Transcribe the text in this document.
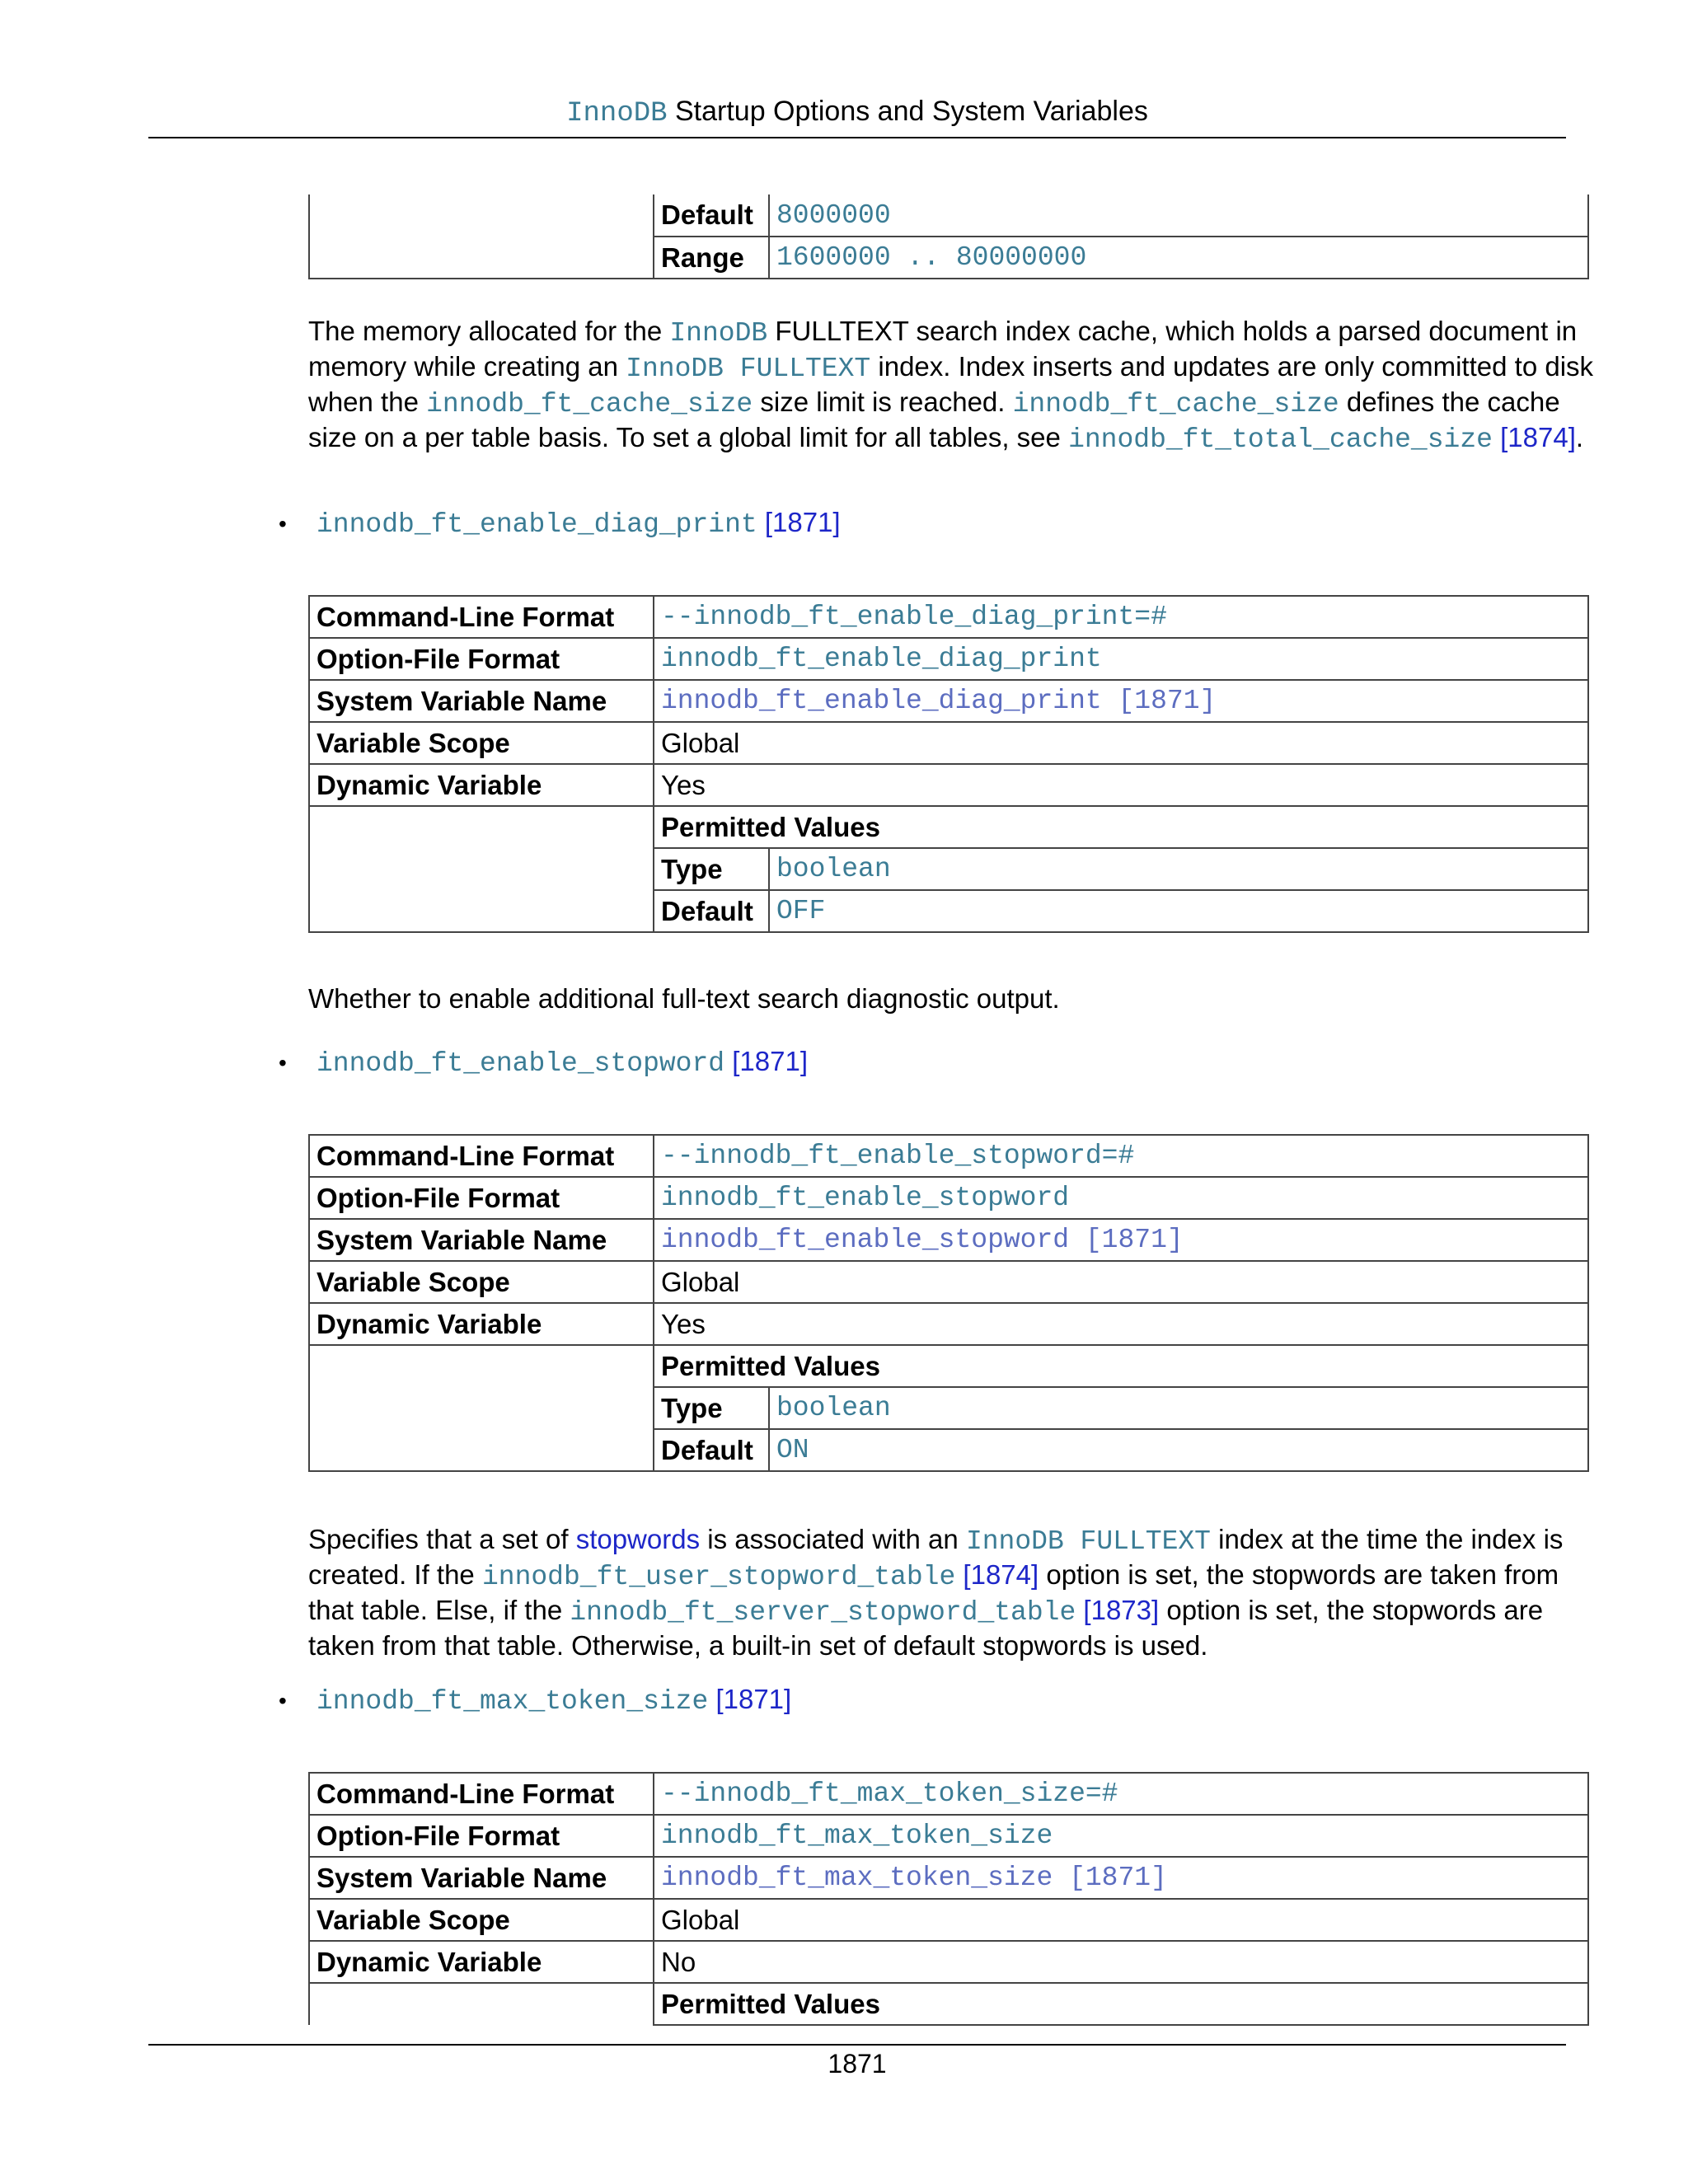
InnoDB Startup Options and System Variables
	Default	8000000
	Range	1600000 .. 80000000
The memory allocated for the InnoDB FULLTEXT search index cache, which holds a parsed document in memory while creating an InnoDB FULLTEXT index. Index inserts and updates are only committed to disk when the innodb_ft_cache_size size limit is reached. innodb_ft_cache_size defines the cache size on a per table basis. To set a global limit for all tables, see innodb_ft_total_cache_size [1874].
• innodb_ft_enable_diag_print [1871]
Command-Line Format	--innodb_ft_enable_diag_print=#	
Option-File Format	innodb_ft_enable_diag_print	
System Variable Name	innodb_ft_enable_diag_print [1871]	
Variable Scope	Global	
Dynamic Variable	Yes	
	Permitted Values	
	Type	boolean
	Default	OFF
Whether to enable additional full-text search diagnostic output.
• innodb_ft_enable_stopword [1871]
Command-Line Format	--innodb_ft_enable_stopword=#	
Option-File Format	innodb_ft_enable_stopword	
System Variable Name	innodb_ft_enable_stopword [1871]	
Variable Scope	Global	
Dynamic Variable	Yes	
	Permitted Values	
	Type	boolean
	Default	ON
Specifies that a set of stopwords is associated with an InnoDB FULLTEXT index at the time the index is created. If the innodb_ft_user_stopword_table [1874] option is set, the stopwords are taken from that table. Else, if the innodb_ft_server_stopword_table [1873] option is set, the stopwords are taken from that table. Otherwise, a built-in set of default stopwords is used.
• innodb_ft_max_token_size [1871]
Command-Line Format	--innodb_ft_max_token_size=#
Option-File Format	innodb_ft_max_token_size
System Variable Name	innodb_ft_max_token_size [1871]
Variable Scope	Global
Dynamic Variable	No
	Permitted Values
1871
